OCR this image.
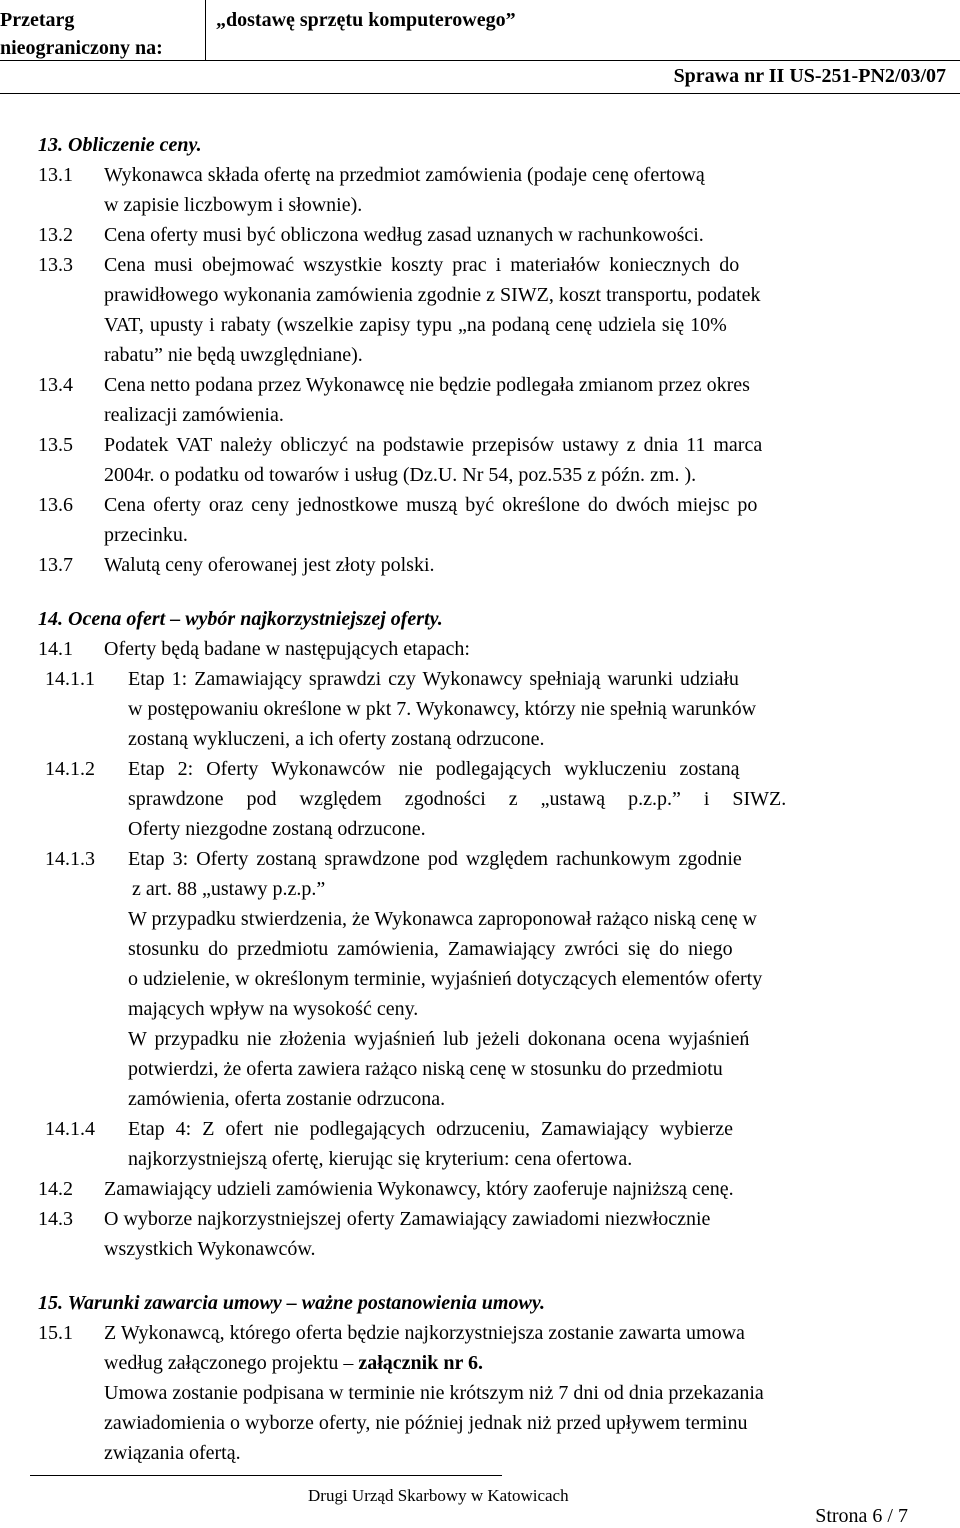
Przetarg
nieograniczony na:
„dostawę sprzętu komputerowego”
Sprawa nr II US-251-PN2/03/07
13. Obliczenie ceny.
13.1 Wykonawca składa ofertę na przedmiot zamówienia (podaje cenę ofertową
w zapisie liczbowym i słownie).
13.2 Cena oferty musi być obliczona według zasad uznanych w rachunkowości.
13.3 Cena musi obejmować wszystkie koszty prac i materiałów koniecznych do
prawidłowego wykonania zamówienia zgodnie z SIWZ, koszt transportu, podatek
VAT, upusty i rabaty (wszelkie zapisy typu „na podaną cenę udziela się 10%
rabatu” nie będą uwzględniane).
13.4 Cena netto podana przez Wykonawcę nie będzie podlegała zmianom przez okres
realizacji zamówienia.
13.5 Podatek VAT należy obliczyć na podstawie przepisów ustawy z dnia 11 marca
2004r. o podatku od towarów i usług (Dz.U. Nr 54, poz.535 z późn. zm. ).
13.6 Cena oferty oraz ceny jednostkowe muszą być określone do dwóch miejsc po
przecinku.
13.7 Walutą ceny oferowanej jest złoty polski.
14. Ocena ofert – wybór najkorzystniejszej oferty.
14.1 Oferty będą badane w następujących etapach:
14.1.1 Etap 1: Zamawiający sprawdzi czy Wykonawcy spełniają warunki udziału
w postępowaniu określone w pkt 7. Wykonawcy, którzy nie spełnią warunków
zostaną wykluczeni, a ich oferty zostaną odrzucone.
14.1.2 Etap 2: Oferty Wykonawców nie podlegających wykluczeniu zostaną
sprawdzone pod względem zgodności z „ustawą p.z.p.” i SIWZ.
Oferty niezgodne zostaną odrzucone.
14.1.3 Etap 3: Oferty zostaną sprawdzone pod względem rachunkowym zgodnie
z art. 88 „ustawy p.z.p.”
W przypadku stwierdzenia, że Wykonawca zaproponował rażąco niską cenę w
stosunku do przedmiotu zamówienia, Zamawiający zwróci się do niego
o udzielenie, w określonym terminie, wyjaśnień dotyczących elementów oferty
mających wpływ na wysokość ceny.
W przypadku nie złożenia wyjaśnień lub jeżeli dokonana ocena wyjaśnień
potwierdzi, że oferta zawiera rażąco niską cenę w stosunku do przedmiotu
zamówienia, oferta zostanie odrzucona.
14.1.4 Etap 4: Z ofert nie podlegających odrzuceniu, Zamawiający wybierze
najkorzystniejszą ofertę, kierując się kryterium: cena ofertowa.
14.2 Zamawiający udzieli zamówienia Wykonawcy, który zaoferuje najniższą cenę.
14.3 O wyborze najkorzystniejszej oferty Zamawiający zawiadomi niezwłocznie
wszystkich Wykonawców.
15. Warunki zawarcia umowy – ważne postanowienia umowy.
15.1 Z Wykonawcą, którego oferta będzie najkorzystniejsza zostanie zawarta umowa
według załączonego projektu – załącznik nr 6.
Umowa zostanie podpisana w terminie nie krótszym niż 7 dni od dnia przekazania
zawiadomienia o wyborze oferty, nie później jednak niż przed upływem terminu
związania ofertą.
Drugi Urząd Skarbowy w Katowicach
Strona 6 / 7
